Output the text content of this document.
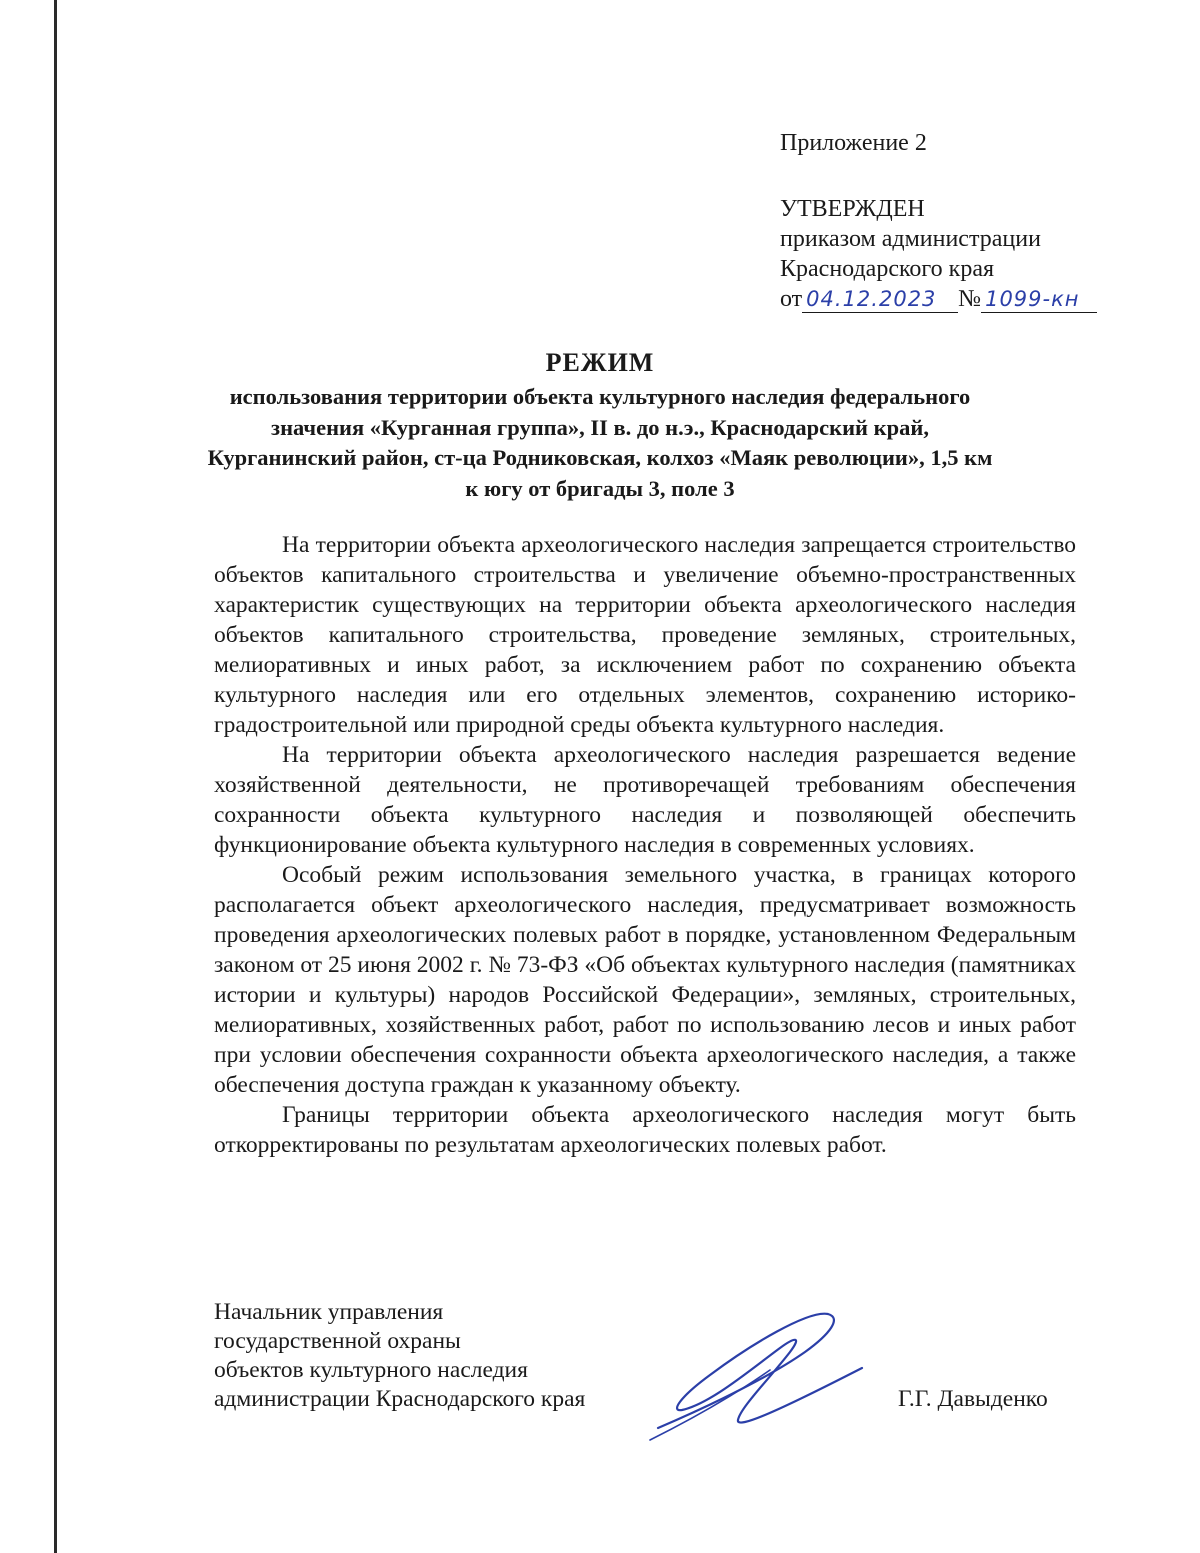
Приложение 2
УТВЕРЖДЕН
приказом администрации
Краснодарского края
от 04.12.2023 № 1099-кн
РЕЖИМ
использования территории объекта культурного наследия федерального значения «Курганная группа», II в. до н.э., Краснодарский край, Курганинский район, ст-ца Родниковская, колхоз «Маяк революции», 1,5 км к югу от бригады 3, поле 3

На территории объекта археологического наследия запрещается строительство объектов капитального строительства и увеличение объемно-пространственных характеристик существующих на территории объекта археологического наследия объектов капитального строительства, проведение земляных, строительных, мелиоративных и иных работ, за исключением работ по сохранению объекта культурного наследия или его отдельных элементов, сохранению историко-градостроительной или природной среды объекта культурного наследия.

На территории объекта археологического наследия разрешается ведение хозяйственной деятельности, не противоречащей требованиям обеспечения сохранности объекта культурного наследия и позволяющей обеспечить функционирование объекта культурного наследия в современных условиях.

Особый режим использования земельного участка, в границах которого располагается объект археологического наследия, предусматривает возможность проведения археологических полевых работ в порядке, установленном Федеральным законом от 25 июня 2002 г. № 73-ФЗ «Об объектах культурного наследия (памятниках истории и культуры) народов Российской Федерации», земляных, строительных, мелиоративных, хозяйственных работ, работ по использованию лесов и иных работ при условии обеспечения сохранности объекта археологического наследия, а также обеспечения доступа граждан к указанному объекту.

Границы территории объекта археологического наследия могут быть откорректированы по результатам археологических полевых работ.

Начальник управления
государственной охраны
объектов культурного наследия
администрации Краснодарского края	Г.Г. Давыденко
